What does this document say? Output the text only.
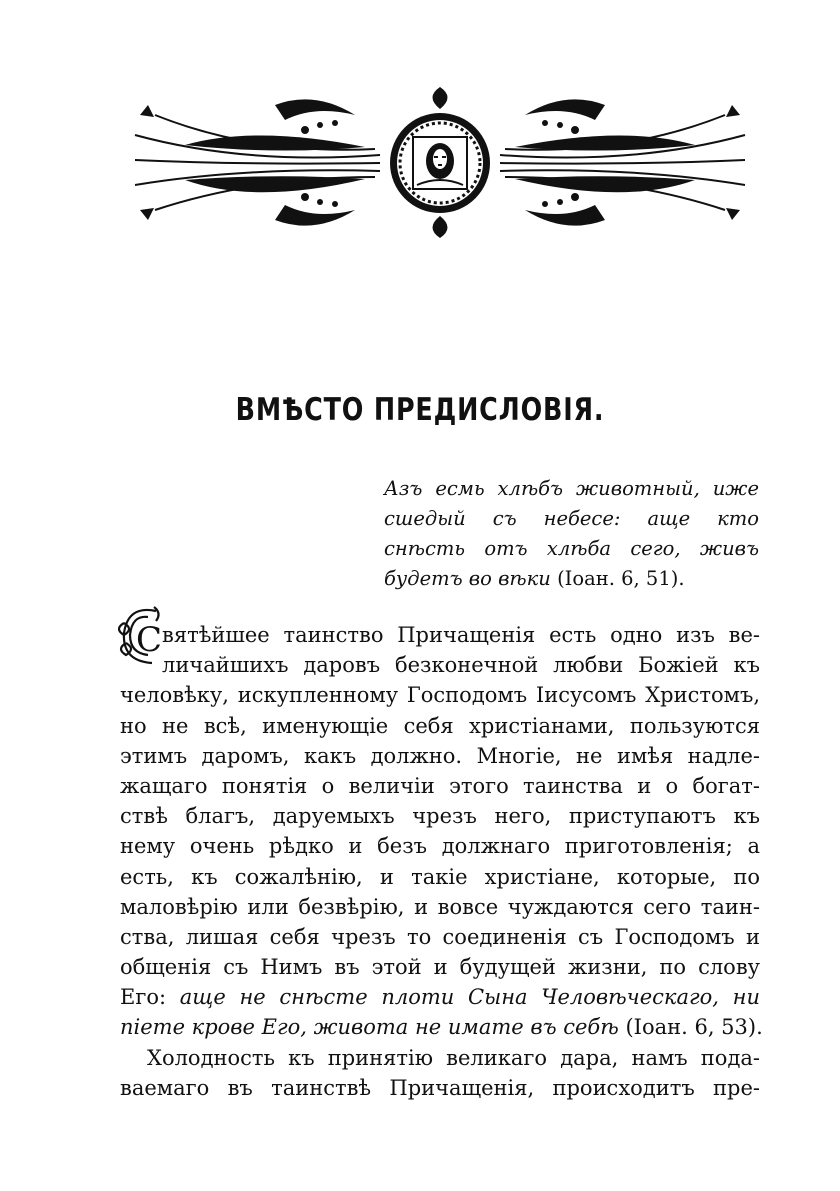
ВМѢСТО ПРЕДИСЛОВІЯ.
Азъ есмь хлѣбъ животный, иже сшедый съ небесе: аще кто снѣсть отъ хлѣба сего, живъ будетъ во вѣки (Іоан. 6, 51).
С вятѣйшее таинство Причащенія есть одно изъ ве-
личайшихъ даровъ безконечной любви Божіей къ
человѣку, искупленному Господомъ Іисусомъ Христомъ,
но не всѣ, именующіе себя христіанами, пользуются
этимъ даромъ, какъ должно. Многіе, не имѣя надле-
жащаго понятія о величіи этого таинства и о богат-
ствѣ благъ, даруемыхъ чрезъ него, приступаютъ къ
нему очень рѣдко и безъ должнаго приготовленія; а
есть, къ сожалѣнію, и такіе христіане, которые, по
маловѣрію или безвѣрію, и вовсе чуждаются сего таин-
ства, лишая себя чрезъ то соединенія съ Господомъ и
общенія съ Нимъ въ этой и будущей жизни, по слову
Его: аще не снѣсте плоти Сына Человѣческаго, ни
піете крове Его, живота не имате въ себѣ (Іоан. 6, 53).
Холодность къ принятію великаго дара, намъ пода-
ваемаго въ таинствѣ Причащенія, происходитъ пре-
